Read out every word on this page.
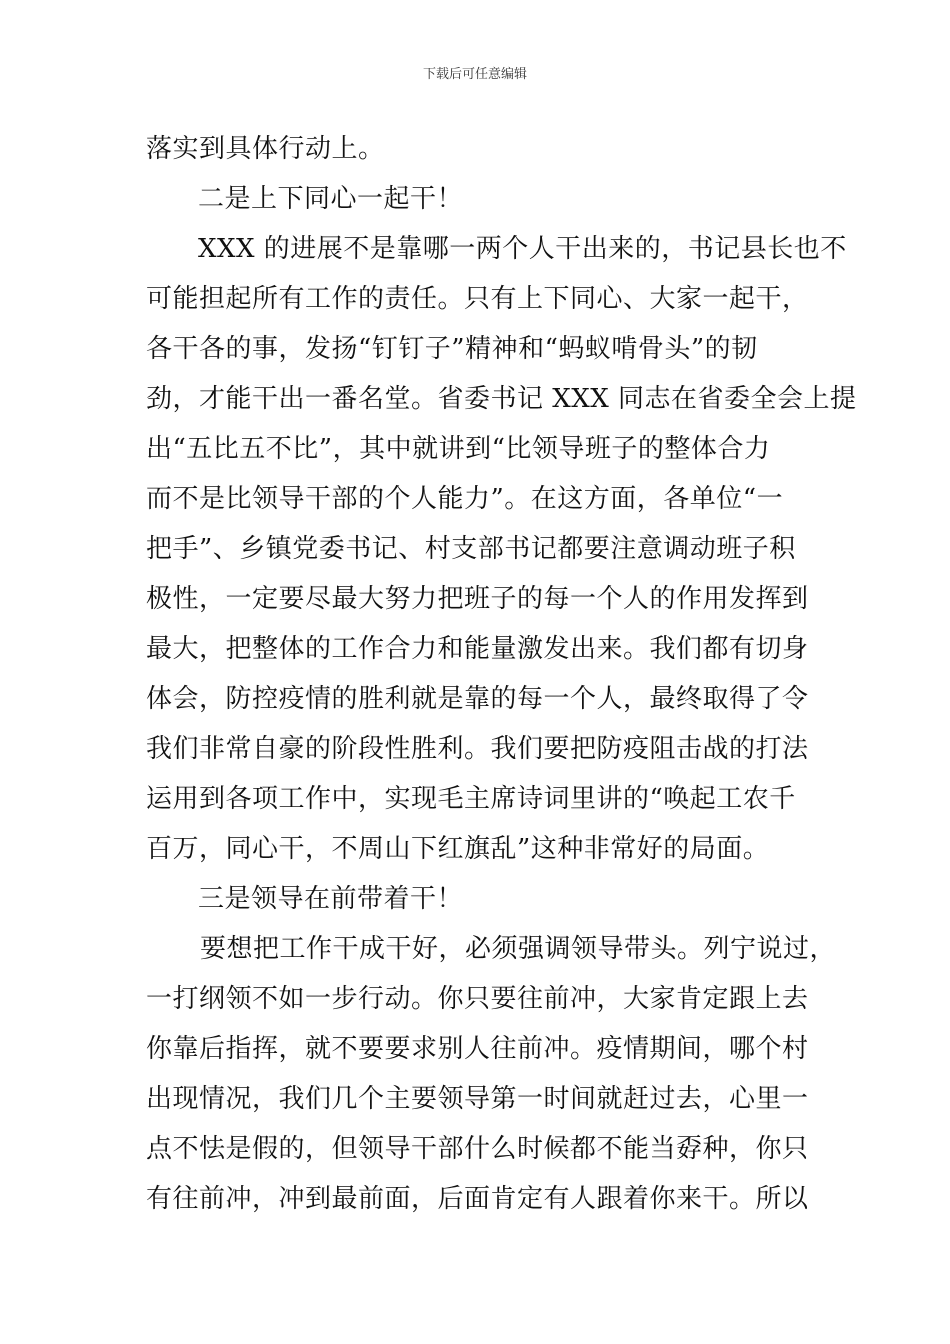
下载后可任意编辑
落实到具体行动上。
二是上下同心一起干！
XXX 的进展不是靠哪一两个人干出来的，书记县长也不
可能担起所有工作的责任。只有上下同心、大家一起干，
各干各的事，发扬“钉钉子”精神和“蚂蚁啃骨头”的韧
劲，才能干出一番名堂。省委书记 XXX 同志在省委全会上提
出“五比五不比”，其中就讲到“比领导班子的整体合力
而不是比领导干部的个人能力”。在这方面，各单位“一
把手”、乡镇党委书记、村支部书记都要注意调动班子积
极性，一定要尽最大努力把班子的每一个人的作用发挥到
最大，把整体的工作合力和能量激发出来。我们都有切身
体会，防控疫情的胜利就是靠的每一个人，最终取得了令
我们非常自豪的阶段性胜利。我们要把防疫阻击战的打法
运用到各项工作中，实现毛主席诗词里讲的“唤起工农千
百万，同心干，不周山下红旗乱”这种非常好的局面。
三是领导在前带着干！
要想把工作干成干好，必须强调领导带头。列宁说过，
一打纲领不如一步行动。你只要往前冲，大家肯定跟上去
你靠后指挥，就不要要求别人往前冲。疫情期间，哪个村
出现情况，我们几个主要领导第一时间就赶过去，心里一
点不怯是假的，但领导干部什么时候都不能当孬种，你只
有往前冲，冲到最前面，后面肯定有人跟着你来干。所以
